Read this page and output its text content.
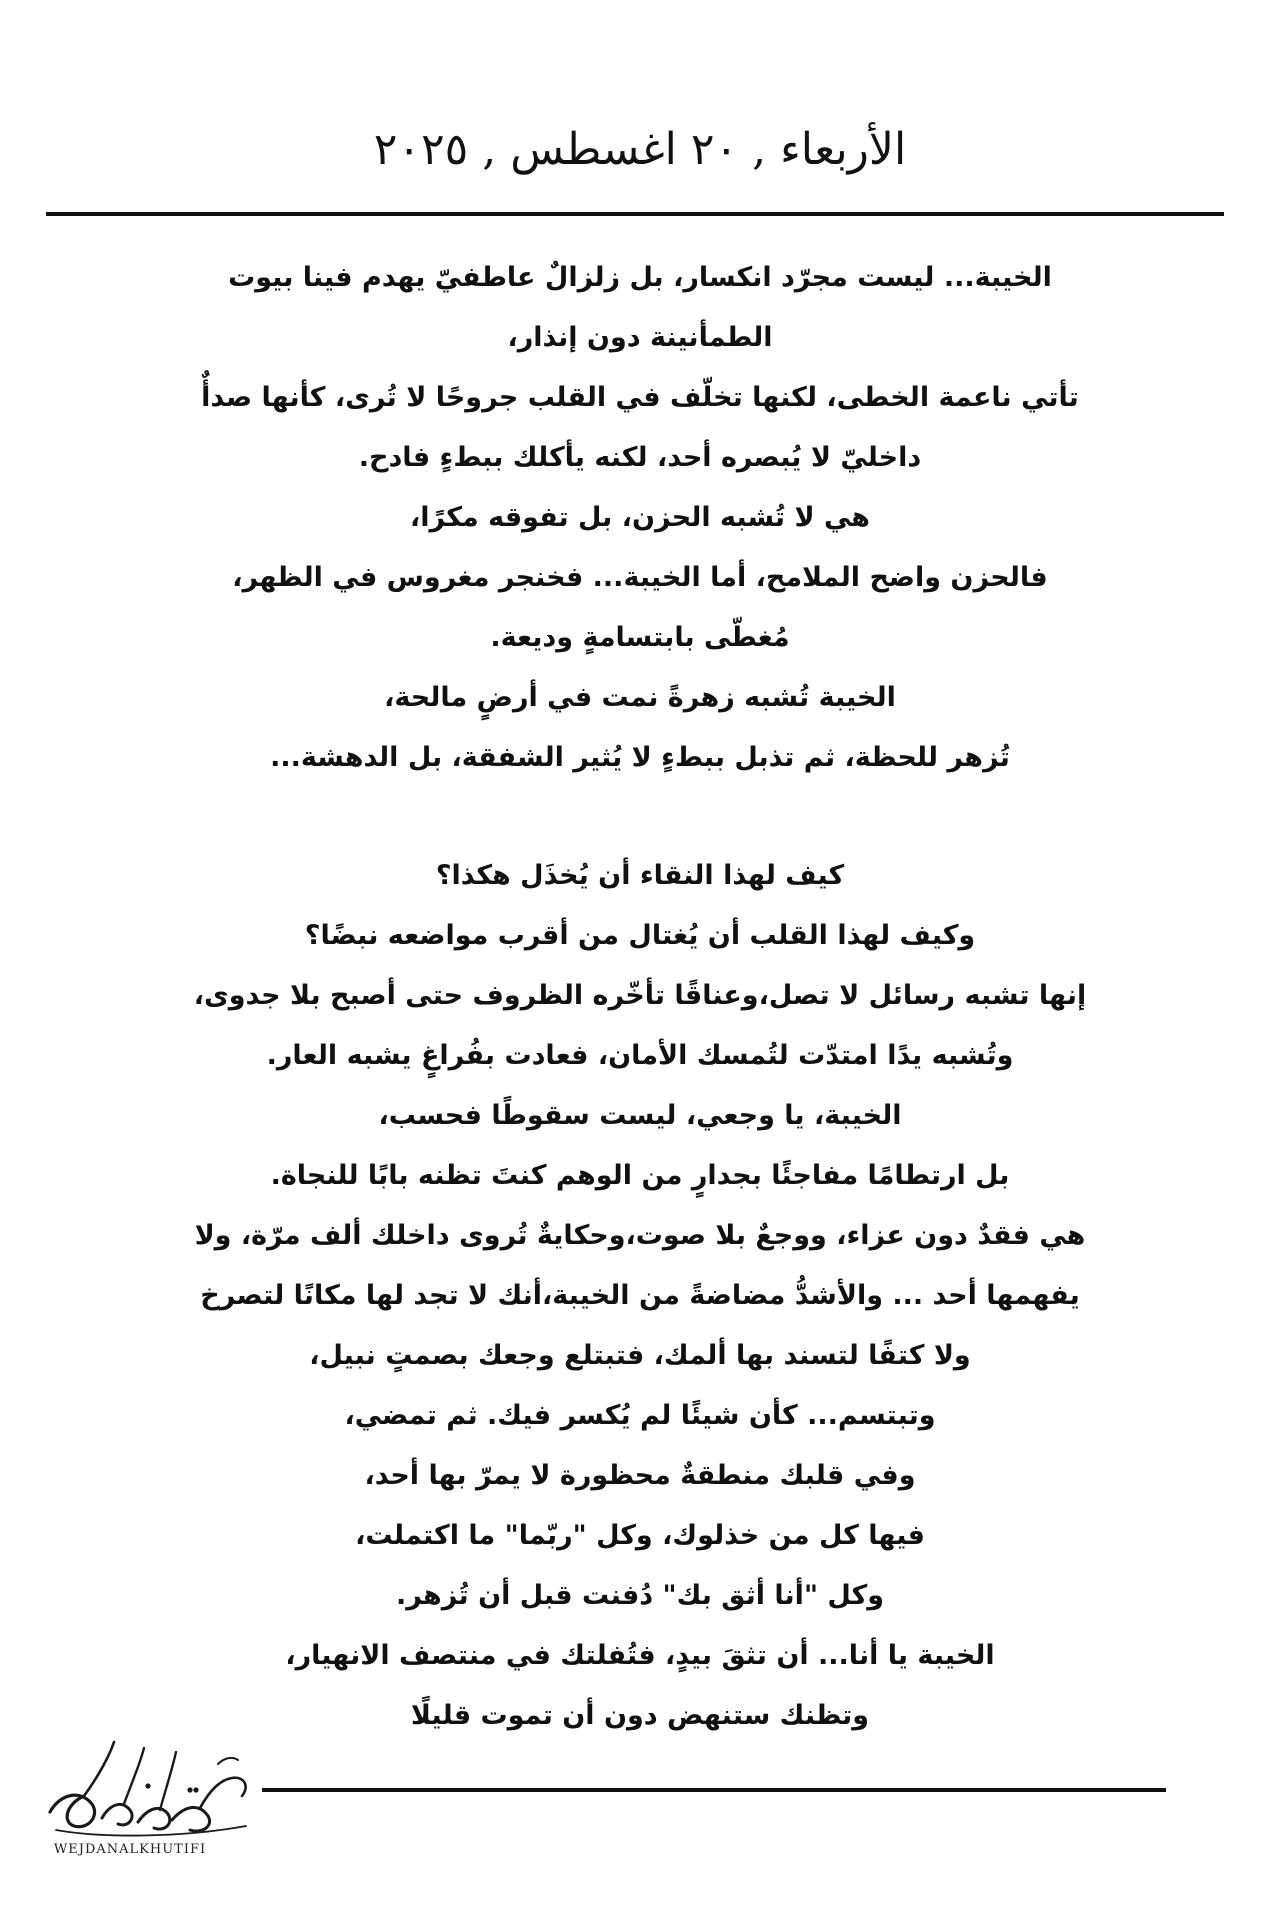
الأربعاء , ٢٠ اغسطس , ٢٠٢٥
الخيبة... ليست مجرّد انكسار، بل زلزالٌ عاطفيّ يهدم فينا بيوت
الطمأنينة دون إنذار،
تأتي ناعمة الخطى، لكنها تخلّف في القلب جروحًا لا تُرى، كأنها صدأٌ
داخليّ لا يُبصره أحد، لكنه يأكلك ببطءٍ فادح.
هي لا تُشبه الحزن، بل تفوقه مكرًا،
فالحزن واضح الملامح، أما الخيبة... فخنجر مغروس في الظهر،
مُغطّى بابتسامةٍ وديعة.
الخيبة تُشبه زهرةً نمت في أرضٍ مالحة،
تُزهر للحظة، ثم تذبل ببطءٍ لا يُثير الشفقة، بل الدهشة...
كيف لهذا النقاء أن يُخذَل هكذا؟
وكيف لهذا القلب أن يُغتال من أقرب مواضعه نبضًا؟
إنها تشبه رسائل لا تصل،وعناقًا تأخّره الظروف حتى أصبح بلا جدوى،
وتُشبه يدًا امتدّت لتُمسك الأمان، فعادت بفُراغٍ يشبه العار.
الخيبة، يا وجعي، ليست سقوطًا فحسب،
بل ارتطامًا مفاجئًا بجدارٍ من الوهم كنتَ تظنه بابًا للنجاة.
هي فقدٌ دون عزاء، ووجعٌ بلا صوت،وحكايةٌ تُروى داخلك ألف مرّة، ولا
يفهمها أحد ... والأشدُّ مضاضةً من الخيبة،أنك لا تجد لها مكانًا لتصرخ
ولا كتفًا لتسند بها ألمك، فتبتلع وجعك بصمتٍ نبيل،
وتبتسم... كأن شيئًا لم يُكسر فيك. ثم تمضي،
وفي قلبك منطقةٌ محظورة لا يمرّ بها أحد،
فيها كل من خذلوك، وكل "ربّما" ما اكتملت،
وكل "أنا أثق بك" دُفنت قبل أن تُزهر.
الخيبة يا أنا... أن تثقَ بيدٍ، فتُفلتك في منتصف الانهيار،
وتظنك ستنهض دون أن تموت قليلًا
WEJDANALKHUTIFI
